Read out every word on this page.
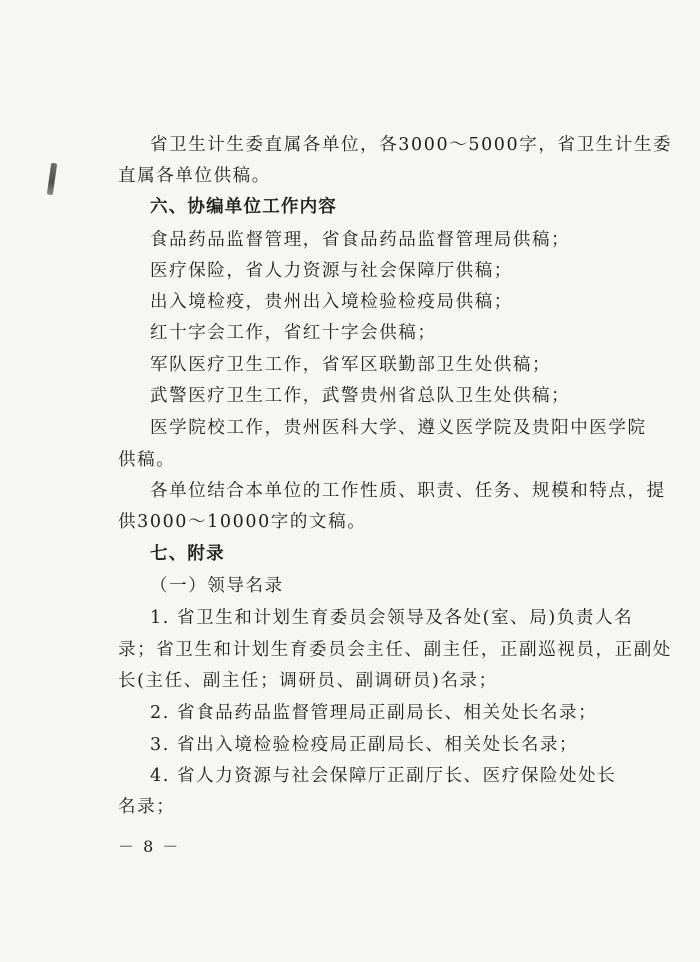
省卫生计生委直属各单位，各3000～5000字，省卫生计生委
直属各单位供稿。
六、协编单位工作内容
食品药品监督管理，省食品药品监督管理局供稿；
医疗保险，省人力资源与社会保障厅供稿；
出入境检疫，贵州出入境检验检疫局供稿；
红十字会工作，省红十字会供稿；
军队医疗卫生工作，省军区联勤部卫生处供稿；
武警医疗卫生工作，武警贵州省总队卫生处供稿；
医学院校工作，贵州医科大学、遵义医学院及贵阳中医学院
供稿。
各单位结合本单位的工作性质、职责、任务、规模和特点，提
供3000～10000字的文稿。
七、附录
（一）领导名录
1. 省卫生和计划生育委员会领导及各处(室、局)负责人名
录；省卫生和计划生育委员会主任、副主任，正副巡视员，正副处
长(主任、副主任；调研员、副调研员)名录；
2. 省食品药品监督管理局正副局长、相关处长名录；
3. 省出入境检验检疫局正副局长、相关处长名录；
4. 省人力资源与社会保障厅正副厅长、医疗保险处处长
名录；
－ 8 －
